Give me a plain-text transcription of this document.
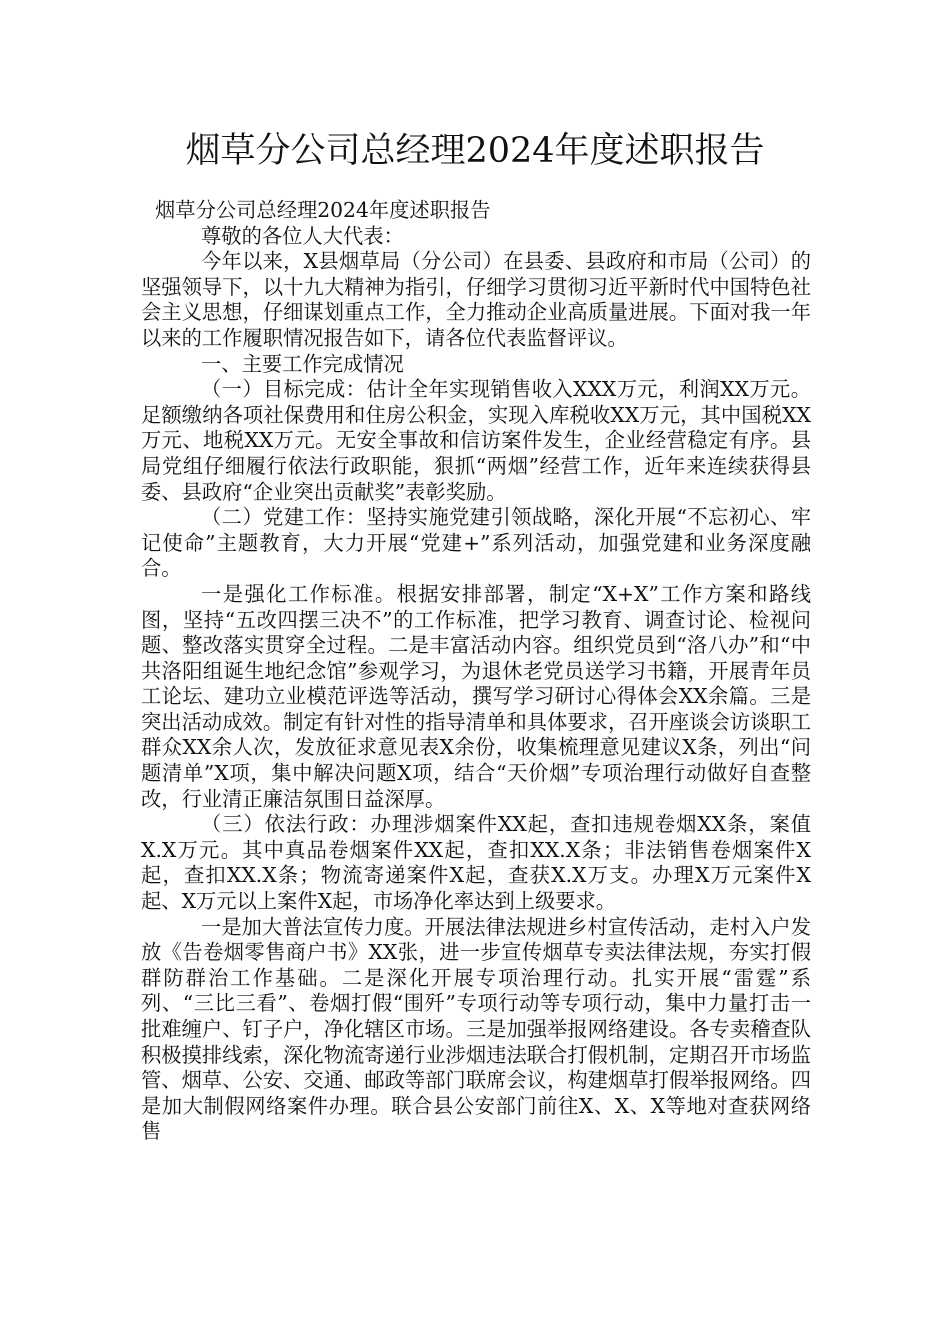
烟草分公司总经理2024年度述职报告

烟草分公司总经理2024年度述职报告

尊敬的各位人大代表：

今年以来，X县烟草局（分公司）在县委、县政府和市局（公司）的坚强领导下，以十九大精神为指引，仔细学习贯彻习近平新时代中国特色社会主义思想，仔细谋划重点工作，全力推动企业高质量进展。下面对我一年以来的工作履职情况报告如下，请各位代表监督评议。

一、主要工作完成情况

（一）目标完成：估计全年实现销售收入XXX万元，利润XX万元。足额缴纳各项社保费用和住房公积金，实现入库税收XX万元，其中国税XX万元、地税XX万元。无安全事故和信访案件发生，企业经营稳定有序。县局党组仔细履行依法行政职能，狠抓“两烟”经营工作，近年来连续获得县委、县政府“企业突出贡献奖”表彰奖励。

（二）党建工作：坚持实施党建引领战略，深化开展“不忘初心、牢记使命”主题教育，大力开展“党建+”系列活动，加强党建和业务深度融合。

一是强化工作标准。根据安排部署，制定“X+X”工作方案和路线图，坚持“五改四摆三决不”的工作标准，把学习教育、调查讨论、检视问题、整改落实贯穿全过程。二是丰富活动内容。组织党员到“洛八办”和“中共洛阳组诞生地纪念馆”参观学习，为退休老党员送学习书籍，开展青年员工论坛、建功立业模范评选等活动，撰写学习研讨心得体会XX余篇。三是突出活动成效。制定有针对性的指导清单和具体要求，召开座谈会访谈职工群众XX余人次，发放征求意见表X余份，收集梳理意见建议X条，列出“问题清单”X项，集中解决问题X项，结合“天价烟”专项治理行动做好自查整改，行业清正廉洁氛围日益深厚。

（三）依法行政：办理涉烟案件XX起，查扣违规卷烟XX条，案值X.X万元。其中真品卷烟案件XX起，查扣XX.X条；非法销售卷烟案件X起，查扣XX.X条；物流寄递案件X起，查获X.X万支。办理X万元案件X起、X万元以上案件X起，市场净化率达到上级要求。

一是加大普法宣传力度。开展法律法规进乡村宣传活动，走村入户发放《告卷烟零售商户书》XX张，进一步宣传烟草专卖法律法规，夯实打假群防群治工作基础。二是深化开展专项治理行动。扎实开展“雷霆”系列、“三比三看”、卷烟打假“围歼”专项行动等专项行动，集中力量打击一批难缠户、钉子户，净化辖区市场。三是加强举报网络建设。各专卖稽查队积极摸排线索，深化物流寄递行业涉烟违法联合打假机制，定期召开市场监管、烟草、公安、交通、邮政等部门联席会议，构建烟草打假举报网络。四是加大制假网络案件办理。联合县公安部门前往X、X、X等地对查获网络售
